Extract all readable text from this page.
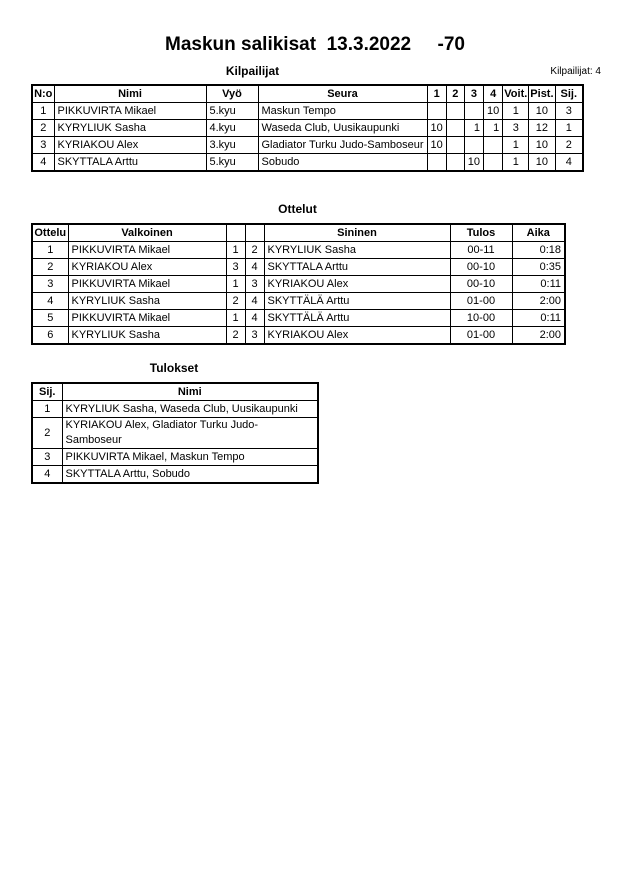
Maskun salikisat  13.3.2022     -70
Kilpailijat	Kilpailijat: 4
N:o	Nimi	Vyö	Seura	1	2	3	4	Voit.	Pist.	Sij.
1	PIKKUVIRTA Mikael	5.kyu	Maskun Tempo				10	1	10	3
2	KYRYLIUK Sasha	4.kyu	Waseda Club, Uusikaupunki	10		1	1	3	12	1
3	KYRIAKOU Alex	3.kyu	Gladiator Turku Judo-Samboseur	10				1	10	2
4	SKYTTALA Arttu	5.kyu	Sobudo			10		1	10	4
Ottelut
Ottelu	Valkoinen			Sininen	Tulos	Aika
1	PIKKUVIRTA Mikael	1	2	KYRYLIUK Sasha	00-11	0:18
2	KYRIAKOU Alex	3	4	SKYTTALA Arttu	00-10	0:35
3	PIKKUVIRTA Mikael	1	3	KYRIAKOU Alex	00-10	0:11
4	KYRYLIUK Sasha	2	4	SKYTTÄLÄ Arttu	01-00	2:00
5	PIKKUVIRTA Mikael	1	4	SKYTTÄLÄ Arttu	10-00	0:11
6	KYRYLIUK Sasha	2	3	KYRIAKOU Alex	01-00	2:00
Tulokset
Sij.	Nimi
1	KYRYLIUK Sasha, Waseda Club, Uusikaupunki
2	KYRIAKOU Alex, Gladiator Turku Judo-Samboseur
3	PIKKUVIRTA Mikael, Maskun Tempo
4	SKYTTALA Arttu, Sobudo
